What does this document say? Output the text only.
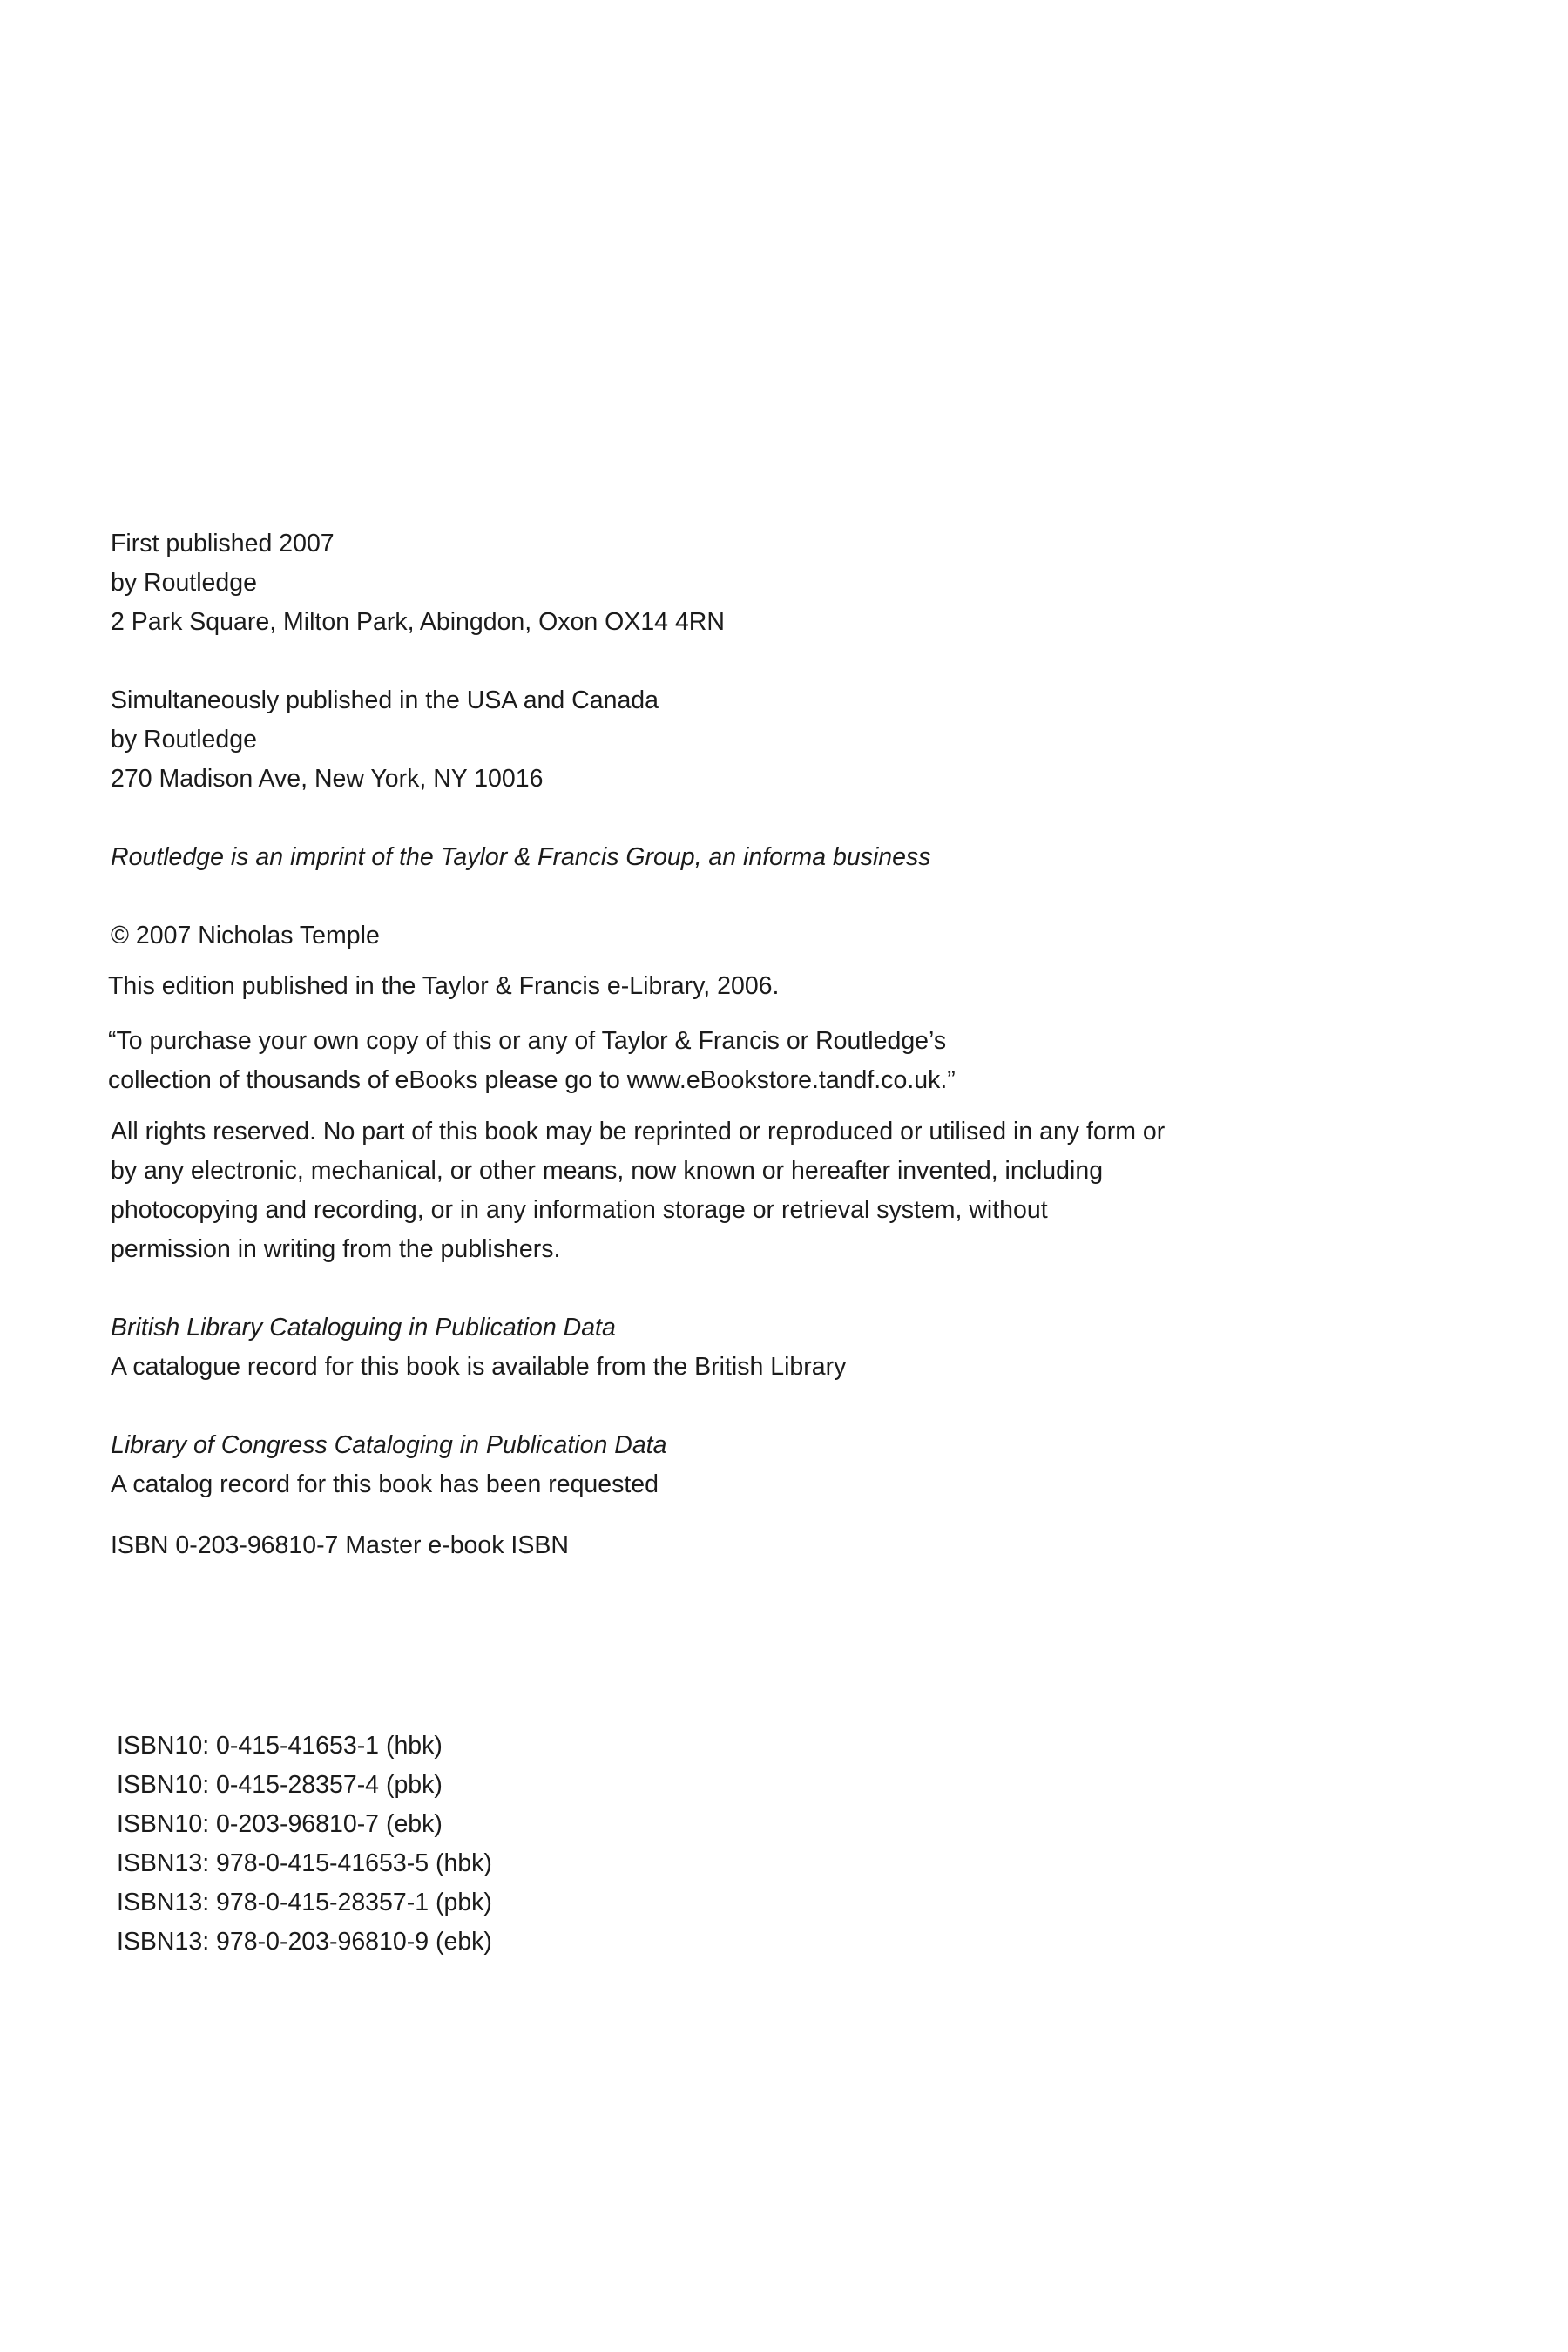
First published 2007
by Routledge
2 Park Square, Milton Park, Abingdon, Oxon OX14 4RN
Simultaneously published in the USA and Canada
by Routledge
270 Madison Ave, New York, NY 10016
Routledge is an imprint of the Taylor & Francis Group, an informa business
© 2007 Nicholas Temple
This edition published in the Taylor & Francis e-Library, 2006.
“To purchase your own copy of this or any of Taylor & Francis or Routledge’s
collection of thousands of eBooks please go to www.eBookstore.tandf.co.uk.”
All rights reserved. No part of this book may be reprinted or reproduced or utilised in any form or
by any electronic, mechanical, or other means, now known or hereafter invented, including
photocopying and recording, or in any information storage or retrieval system, without
permission in writing from the publishers.
British Library Cataloguing in Publication Data
A catalogue record for this book is available from the British Library
Library of Congress Cataloging in Publication Data
A catalog record for this book has been requested
ISBN 0-203-96810-7 Master e-book ISBN
ISBN10: 0-415-41653-1 (hbk)
ISBN10: 0-415-28357-4 (pbk)
ISBN10: 0-203-96810-7 (ebk)
ISBN13: 978-0-415-41653-5 (hbk)
ISBN13: 978-0-415-28357-1 (pbk)
ISBN13: 978-0-203-96810-9 (ebk)
